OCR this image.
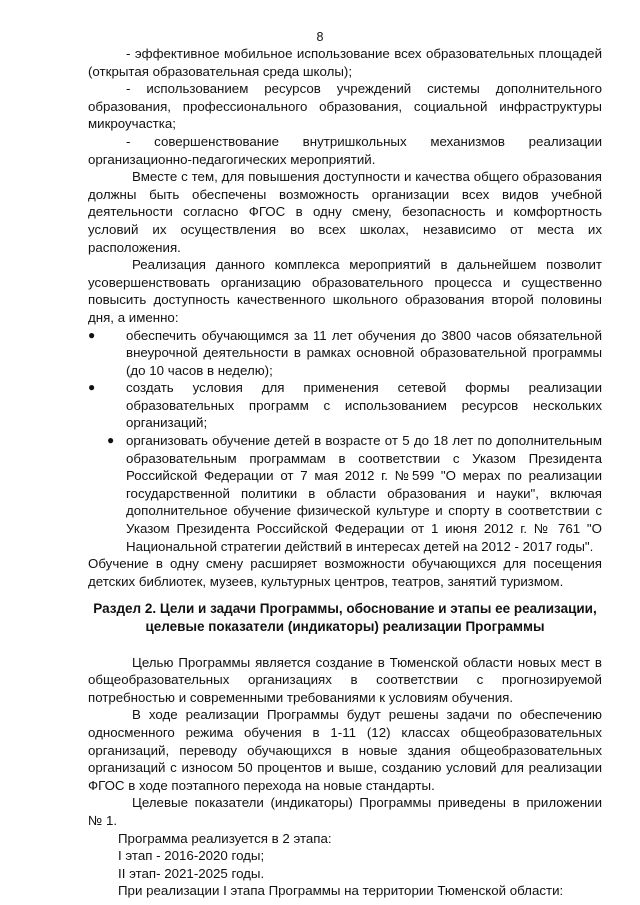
8

- эффективное мобильное использование всех образовательных площадей (открытая образовательная среда школы);

- использованием ресурсов учреждений системы дополнительного образования, профессионального образования, социальной инфраструктуры микроучастка;

- совершенствование внутришкольных механизмов реализации организационно-педагогических мероприятий.

Вместе с тем, для повышения доступности и качества общего образования должны быть обеспечены возможность организации всех видов учебной деятельности согласно ФГОС в одну смену, безопасность и комфортность условий их осуществления во всех школах, независимо от места их расположения.

Реализация данного комплекса мероприятий в дальнейшем позволит усовершенствовать организацию образовательного процесса и существенно повысить доступность качественного школьного образования второй половины дня, а именно:

● обеспечить обучающимся за 11 лет обучения до 3800 часов обязательной внеурочной деятельности в рамках основной образовательной программы (до 10 часов в неделю);

● создать условия для применения сетевой формы реализации образовательных программ с использованием ресурсов нескольких организаций;

● организовать обучение детей в возрасте от 5 до 18 лет по дополнительным образовательным программам в соответствии с Указом Президента Российской Федерации от 7 мая 2012 г. №599 "О мерах по реализации государственной политики в области образования и науки", включая дополнительное обучение физической культуре и спорту в соответствии с Указом Президента Российской Федерации от 1 июня 2012 г. № 761 "О Национальной стратегии действий в интересах детей на 2012 - 2017 годы".

Обучение в одну смену расширяет возможности обучающихся для посещения детских библиотек, музеев, культурных центров, театров, занятий туризмом.

Раздел 2. Цели и задачи Программы, обоснование и этапы ее реализации, целевые показатели (индикаторы) реализации Программы

Целью Программы является создание в Тюменской области новых мест в общеобразовательных организациях в соответствии с прогнозируемой потребностью и современными требованиями к условиям обучения.

В ходе реализации Программы будут решены задачи по обеспечению односменного режима обучения в 1-11 (12) классах общеобразовательных организаций, переводу обучающихся в новые здания общеобразовательных организаций с износом 50 процентов и выше, созданию условий для реализации ФГОС в ходе поэтапного перехода на новые стандарты.

Целевые показатели (индикаторы) Программы приведены в приложении № 1.

Программа реализуется в 2 этапа:

I этап - 2016-2020 годы;

II этап- 2021-2025 годы.

При реализации I этапа Программы на территории Тюменской области:
